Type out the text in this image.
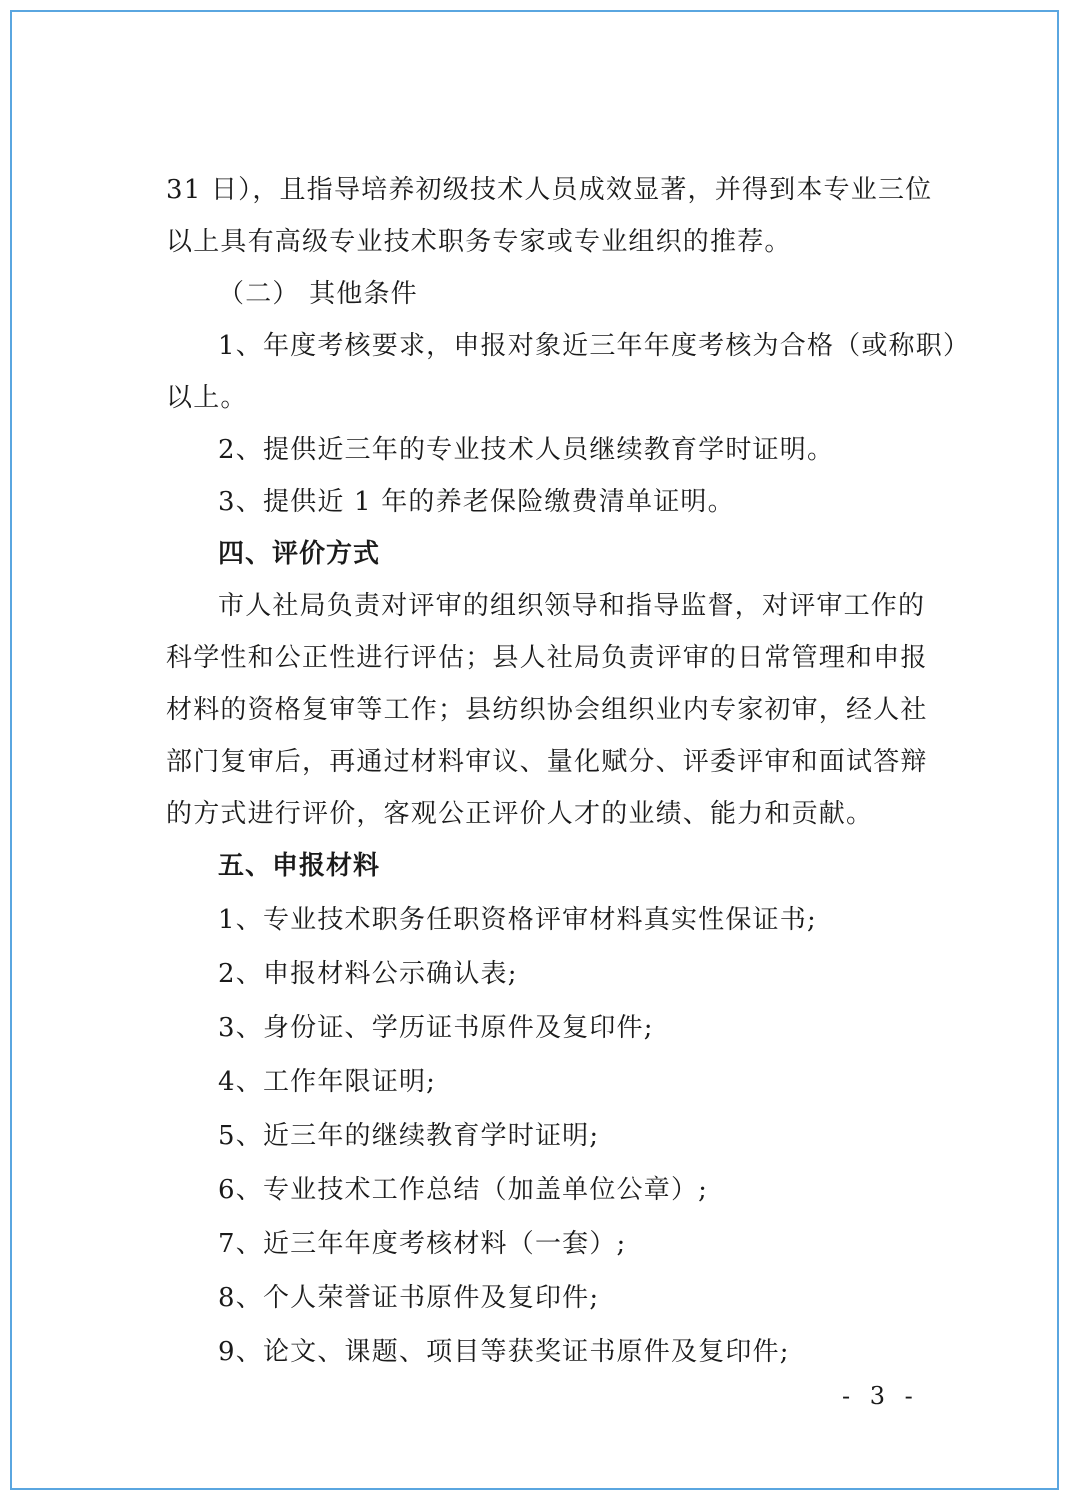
31 日），且指导培养初级技术人员成效显著，并得到本专业三位
以上具有高级专业技术职务专家或专业组织的推荐。
（二） 其他条件
1、年度考核要求，申报对象近三年年度考核为合格（或称职）
以上。
2、提供近三年的专业技术人员继续教育学时证明。
3、提供近 1 年的养老保险缴费清单证明。
四、评价方式
市人社局负责对评审的组织领导和指导监督，对评审工作的
科学性和公正性进行评估；县人社局负责评审的日常管理和申报
材料的资格复审等工作；县纺织协会组织业内专家初审，经人社
部门复审后，再通过材料审议、量化赋分、评委评审和面试答辩
的方式进行评价，客观公正评价人才的业绩、能力和贡献。
五、申报材料
1、专业技术职务任职资格评审材料真实性保证书;
2、申报材料公示确认表;
3、身份证、学历证书原件及复印件;
4、工作年限证明;
5、近三年的继续教育学时证明;
6、专业技术工作总结（加盖单位公章）;
7、近三年年度考核材料（一套）;
8、个人荣誉证书原件及复印件;
9、论文、课题、项目等获奖证书原件及复印件;
- 3 -
